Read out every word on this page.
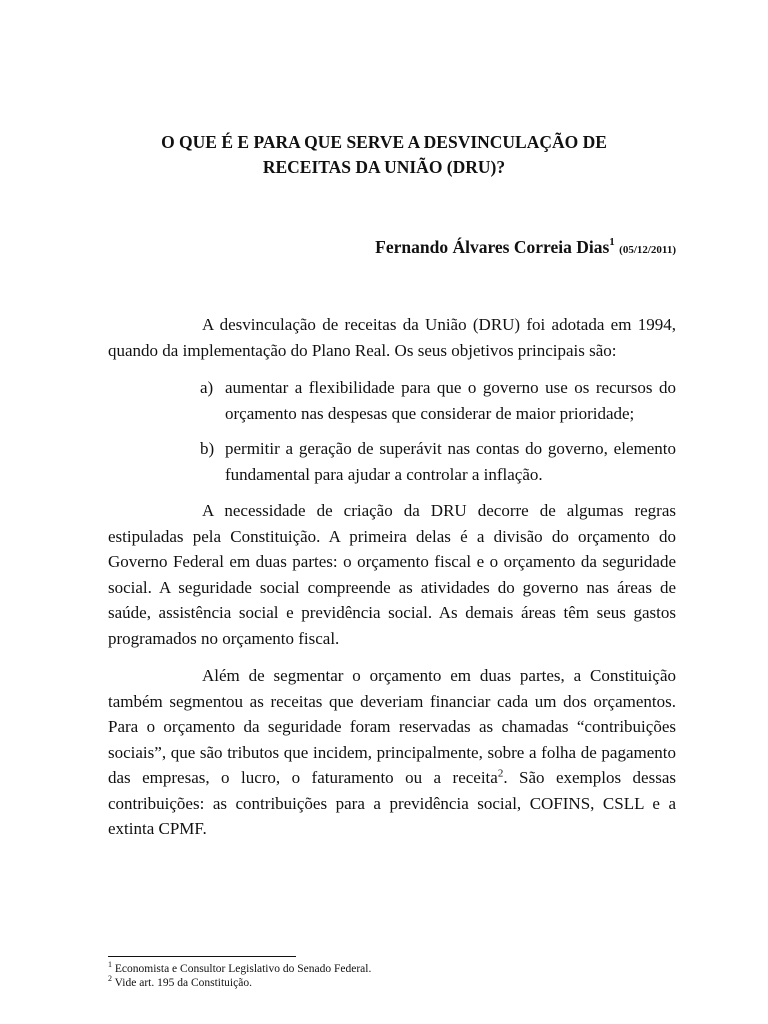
O QUE É E PARA QUE SERVE A DESVINCULAÇÃO DE
RECEITAS DA UNIÃO (DRU)?
Fernando Álvares Correia Dias$^1$ (05/12/2011)

A desvinculação de receitas da União (DRU) foi adotada em 1994, quando da implementação do Plano Real. Os seus objetivos principais são:

a) aumentar a flexibilidade para que o governo use os recursos do orçamento nas despesas que considerar de maior prioridade;
b) permitir a geração de superávit nas contas do governo, elemento fundamental para ajudar a controlar a inflação.

A necessidade de criação da DRU decorre de algumas regras estipuladas pela Constituição. A primeira delas é a divisão do orçamento do Governo Federal em duas partes: o orçamento fiscal e o orçamento da seguridade social. A seguridade social compreende as atividades do governo nas áreas de saúde, assistência social e previdência social. As demais áreas têm seus gastos programados no orçamento fiscal.

Além de segmentar o orçamento em duas partes, a Constituição também segmentou as receitas que deveriam financiar cada um dos orçamentos. Para o orçamento da seguridade foram reservadas as chamadas “contribuições sociais”, que são tributos que incidem, principalmente, sobre a folha de pagamento das empresas, o lucro, o faturamento ou a receita$^2$. São exemplos dessas contribuições: as contribuições para a previdência social, COFINS, CSLL e a extinta CPMF.

$^1$ Economista e Consultor Legislativo do Senado Federal.
$^2$ Vide art. 195 da Constituição.
